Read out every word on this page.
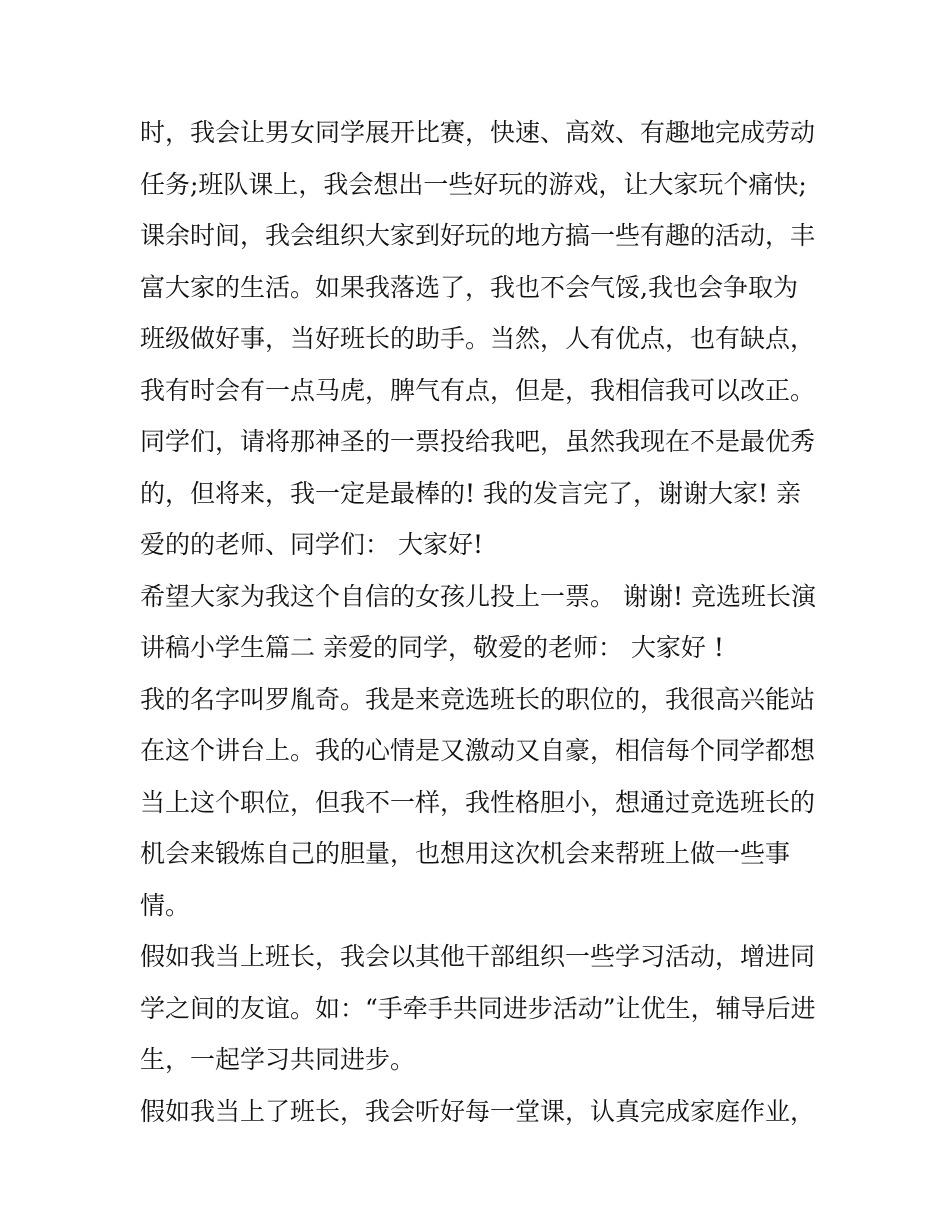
时，我会让男女同学展开比赛，快速、高效、有趣地完成劳动
任务;班队课上，我会想出一些好玩的游戏，让大家玩个痛快;
课余时间，我会组织大家到好玩的地方搞一些有趣的活动，丰
富大家的生活。如果我落选了，我也不会气馁,我也会争取为
班级做好事，当好班长的助手。当然，人有优点，也有缺点，
我有时会有一点马虎，脾气有点，但是，我相信我可以改正。
同学们，请将那神圣的一票投给我吧，虽然我现在不是最优秀
的，但将来，我一定是最棒的! 我的发言完了，谢谢大家! 亲
爱的的老师、同学们： 大家好!
希望大家为我这个自信的女孩儿投上一票。 谢谢! 竞选班长演
讲稿小学生篇二 亲爱的同学，敬爱的老师： 大家好 !
我的名字叫罗胤奇。我是来竞选班长的职位的，我很高兴能站
在这个讲台上。我的心情是又激动又自豪，相信每个同学都想
当上这个职位，但我不一样，我性格胆小，想通过竞选班长的
机会来锻炼自己的胆量，也想用这次机会来帮班上做一些事
情。
假如我当上班长，我会以其他干部组织一些学习活动，增进同
学之间的友谊。如：“手牵手共同进步活动”让优生，辅导后进
生，一起学习共同进步。
假如我当上了班长，我会听好每一堂课，认真完成家庭作业，
